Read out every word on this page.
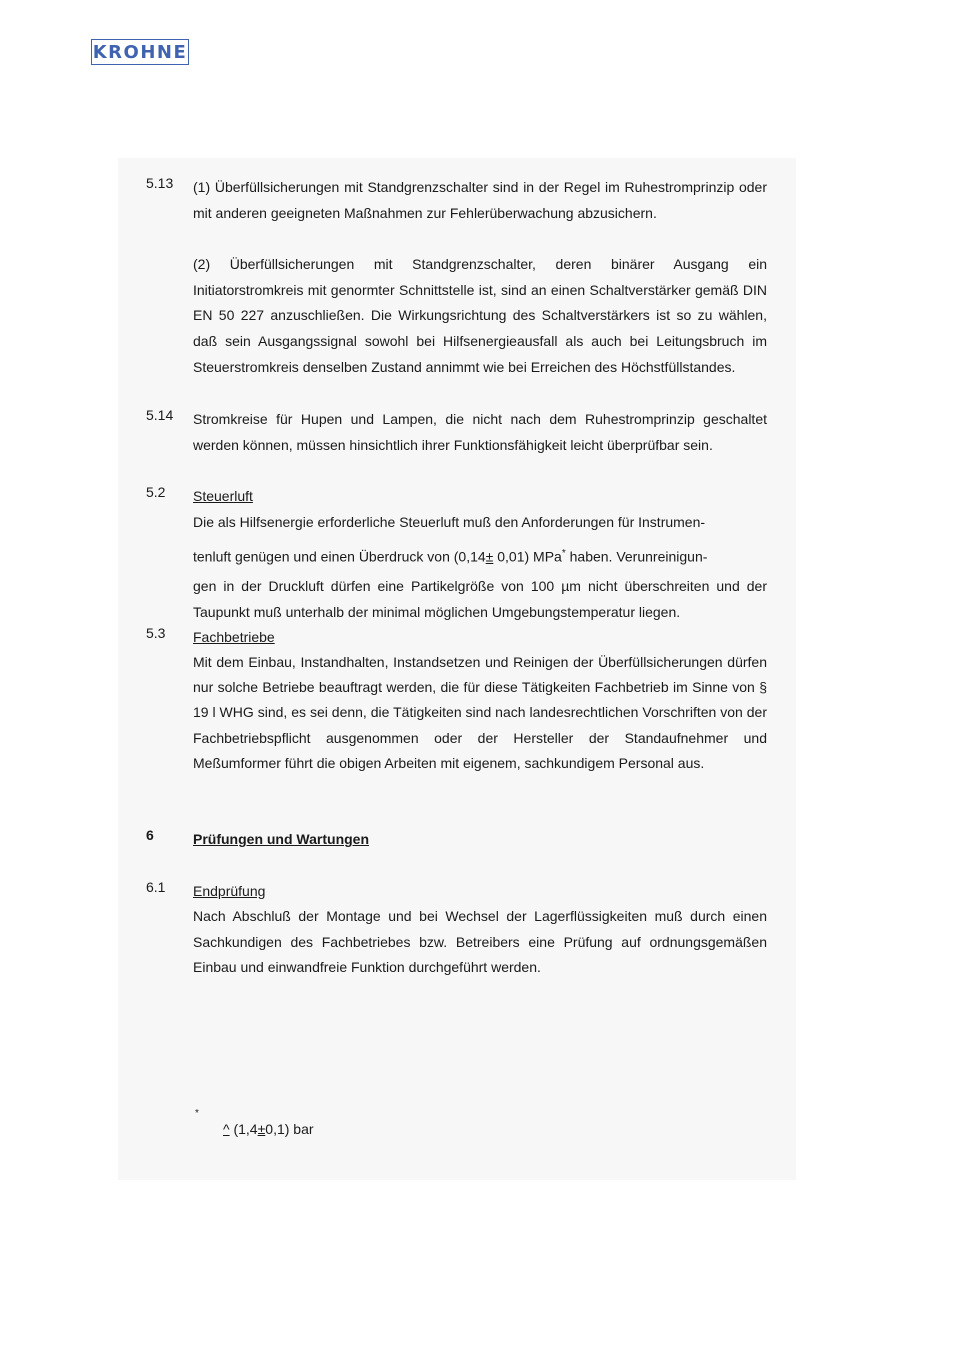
KROHNE
5.13 (1) Überfüllsicherungen mit Standgrenzschalter sind in der Regel im Ruhestromprinzip oder mit anderen geeigneten Maßnahmen zur Fehlerüberwachung abzusichern.
(2) Überfüllsicherungen mit Standgrenzschalter, deren binärer Ausgang ein Initiatorstromkreis mit genormter Schnittstelle ist, sind an einen Schaltverstärker gemäß DIN EN 50 227 anzuschließen. Die Wirkungsrichtung des Schaltverstärkers ist so zu wählen, daß sein Ausgangssignal sowohl bei Hilfsenergieausfall als auch bei Leitungsbruch im Steuerstromkreis denselben Zustand annimmt wie bei Erreichen des Höchstfüllstandes.
5.14 Stromkreise für Hupen und Lampen, die nicht nach dem Ruhestromprinzip geschaltet werden können, müssen hinsichtlich ihrer Funktionsfähigkeit leicht überprüfbar sein.
5.2 Steuerluft
Die als Hilfsenergie erforderliche Steuerluft muß den Anforderungen für Instrumen-
tenluft genügen und einen Überdruck von (0,14± 0,01) MPa* haben. Verunreinigun-
gen in der Druckluft dürfen eine Partikelgröße von 100 µm nicht überschreiten und der Taupunkt muß unterhalb der minimal möglichen Umgebungstemperatur liegen.
5.3 Fachbetriebe
Mit dem Einbau, Instandhalten, Instandsetzen und Reinigen der Überfüllsicherungen dürfen nur solche Betriebe beauftragt werden, die für diese Tätigkeiten Fachbetrieb im Sinne von § 19 l WHG sind, es sei denn, die Tätigkeiten sind nach landesrechtlichen Vorschriften von der Fachbetriebspflicht ausgenommen oder der Hersteller der Standaufnehmer und Meßumformer führt die obigen Arbeiten mit eigenem, sachkundigem Personal aus.
6	Prüfungen und Wartungen
6.1 Endprüfung
Nach Abschluß der Montage und bei Wechsel der Lagerflüssigkeiten muß durch einen Sachkundigen des Fachbetriebes bzw. Betreibers eine Prüfung auf ordnungsgemäßen Einbau und einwandfreie Funktion durchgeführt werden.
*
^ (1,4±0,1) bar
